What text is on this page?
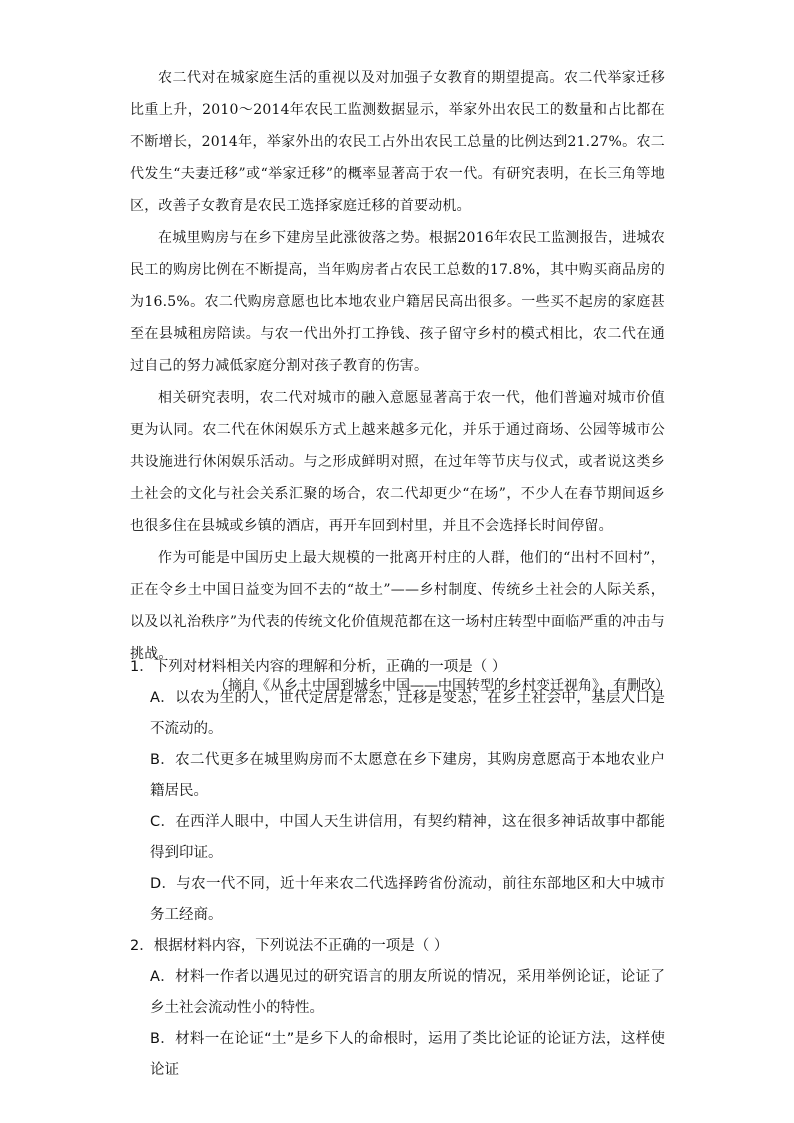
农二代对在城家庭生活的重视以及对加强子女教育的期望提高。农二代举家迁移比重上升，2010～2014年农民工监测数据显示，举家外出农民工的数量和占比都在不断增长，2014年，举家外出的农民工占外出农民工总量的比例达到21.27%。农二代发生“夫妻迁移”或“举家迁移”的概率显著高于农一代。有研究表明，在长三角等地区，改善子女教育是农民工选择家庭迁移的首要动机。

在城里购房与在乡下建房呈此涨彼落之势。根据2016年农民工监测报告，进城农民工的购房比例在不断提高，当年购房者占农民工总数的17.8%，其中购买商品房的为16.5%。农二代购房意愿也比本地农业户籍居民高出很多。一些买不起房的家庭甚至在县城租房陪读。与农一代出外打工挣钱、孩子留守乡村的模式相比，农二代在通过自己的努力减低家庭分割对孩子教育的伤害。

相关研究表明，农二代对城市的融入意愿显著高于农一代，他们普遍对城市价值更为认同。农二代在休闲娱乐方式上越来越多元化，并乐于通过商场、公园等城市公共设施进行休闲娱乐活动。与之形成鲜明对照，在过年等节庆与仪式，或者说这类乡土社会的文化与社会关系汇聚的场合，农二代却更少“在场”，不少人在春节期间返乡也很多住在县城或乡镇的酒店，再开车回到村里，并且不会选择长时间停留。

作为可能是中国历史上最大规模的一批离开村庄的人群，他们的“出村不回村”，正在令乡土中国日益变为回不去的“故土”——乡村制度、传统乡土社会的人际关系，以及以礼治秩序”为代表的传统文化价值规范都在这一场村庄转型中面临严重的冲击与挑战。

（摘自《从乡土中国到城乡中国——中国转型的乡村变迁视角》，有删改）

1．下列对材料相关内容的理解和分析，正确的一项是（ ）

A．以农为生的人，世代定居是常态，迁移是变态，在乡土社会中，基层人口是不流动的。

B．农二代更多在城里购房而不太愿意在乡下建房，其购房意愿高于本地农业户籍居民。

C．在西洋人眼中，中国人天生讲信用，有契约精神，这在很多神话故事中都能得到印证。

D．与农一代不同，近十年来农二代选择跨省份流动，前往东部地区和大中城市务工经商。

2．根据材料内容，下列说法不正确的一项是（ ）

A．材料一作者以遇见过的研究语言的朋友所说的情况，采用举例论证，论证了乡土社会流动性小的特性。

B．材料一在论证“土”是乡下人的命根时，运用了类比论证的论证方法，这样使论证
